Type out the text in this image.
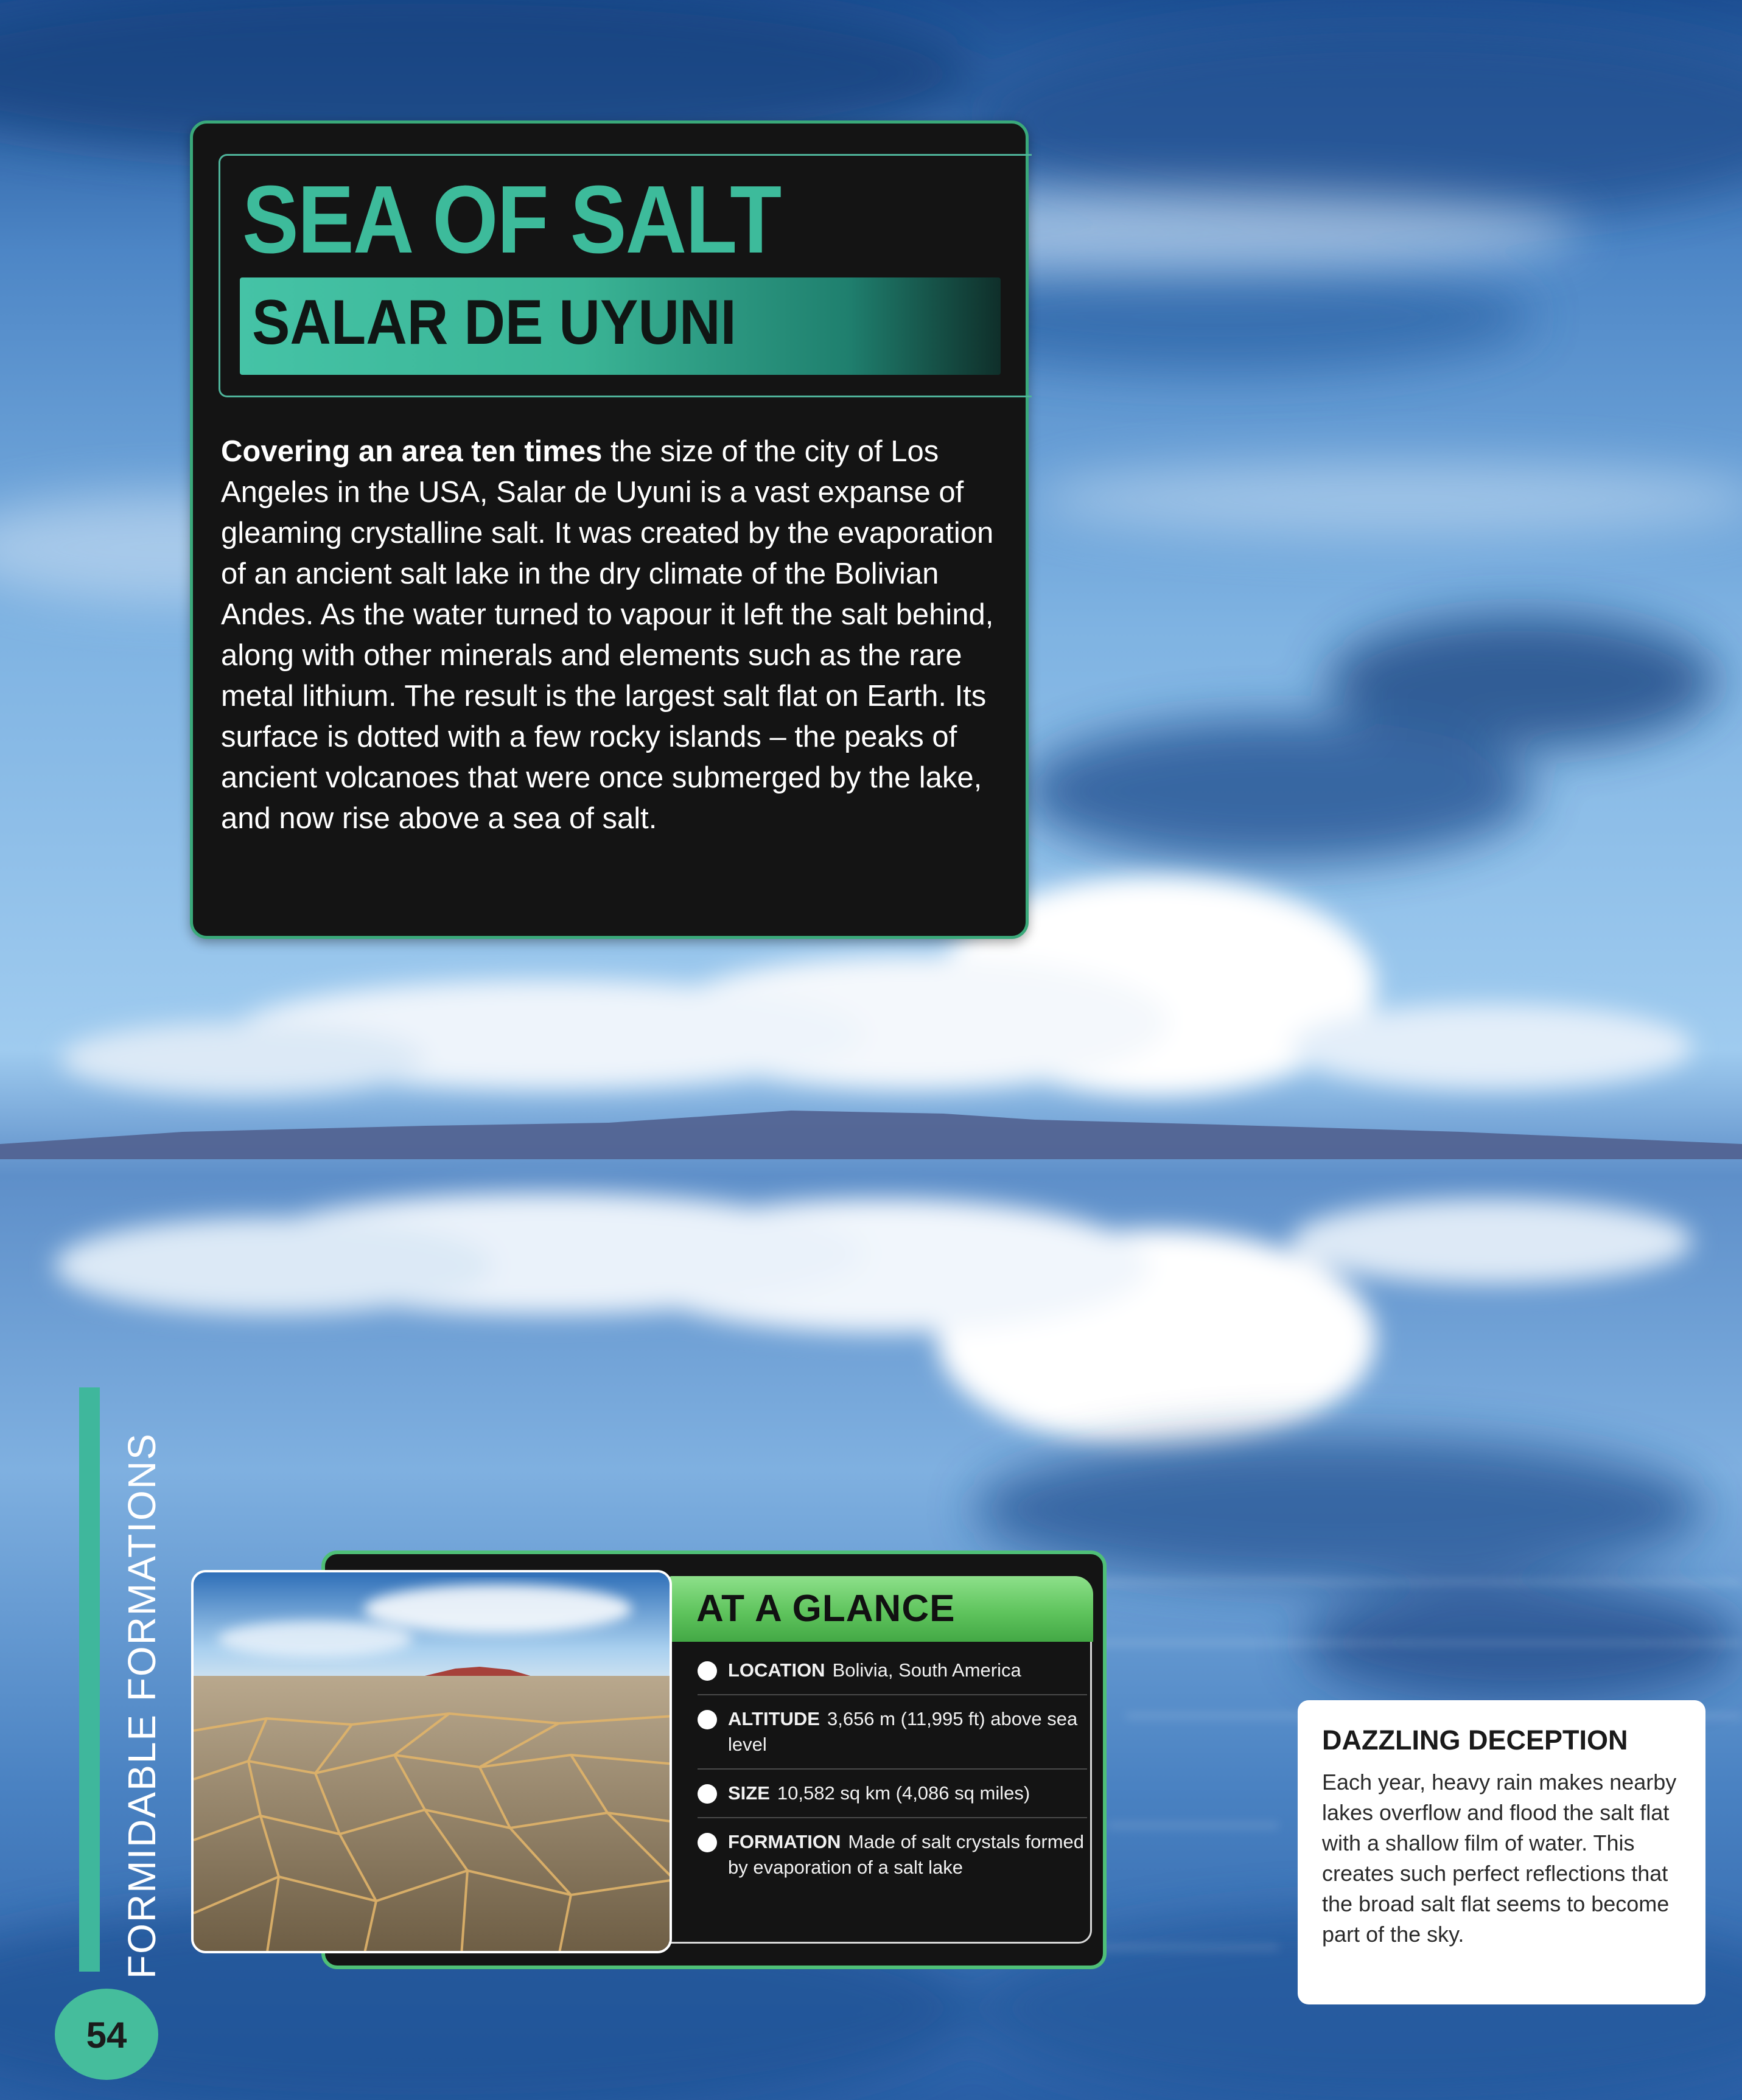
SEA OF SALT
SALAR DE UYUNI

Covering an area ten times the size of the city of Los Angeles in the USA, Salar de Uyuni is a vast expanse of gleaming crystalline salt. It was created by the evaporation of an ancient salt lake in the dry climate of the Bolivian Andes. As the water turned to vapour it left the salt behind, along with other minerals and elements such as the rare metal lithium. The result is the largest salt flat on Earth. Its surface is dotted with a few rocky islands – the peaks of ancient volcanoes that were once submerged by the lake, and now rise above a sea of salt.

FORMIDABLE FORMATIONS
54
AT A GLANCE
LOCATION Bolivia, South America
ALTITUDE 3,656 m (11,995 ft) above sea level
SIZE 10,582 sq km (4,086 sq miles)
FORMATION Made of salt crystals formed by evaporation of a salt lake
DAZZLING DECEPTION

Each year, heavy rain makes nearby lakes overflow and flood the salt flat with a shallow film of water. This creates such perfect reflections that the broad salt flat seems to become part of the sky.
